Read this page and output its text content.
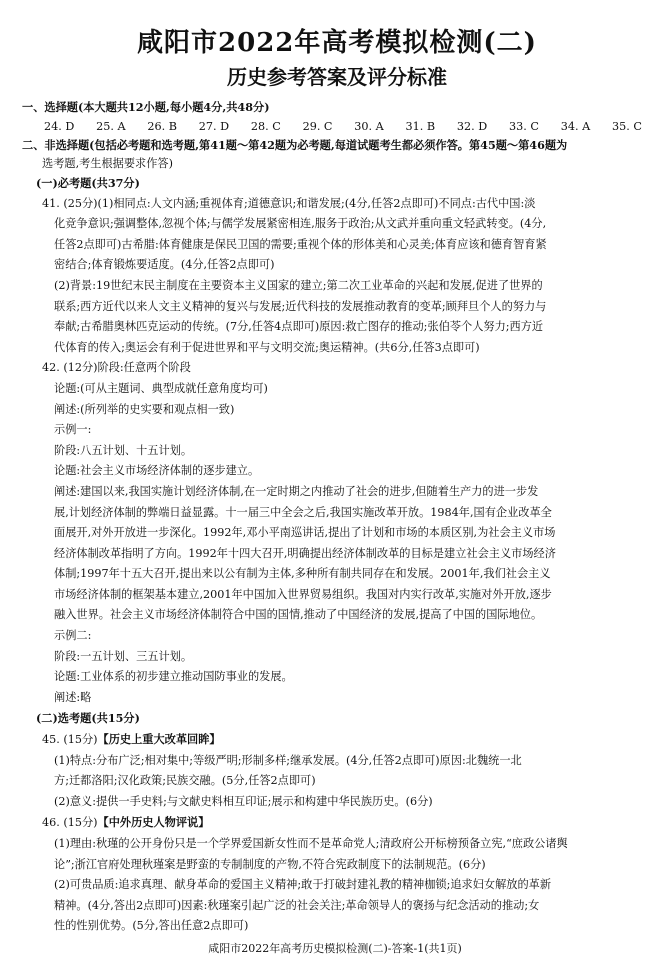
咸阳市2022年高考模拟检测(二)
历史参考答案及评分标准

一、选择题(本大题共12小题,每小题4分,共48分)

24. D 25. A 26. B 27. D 28. C 29. C 30. A 31. B 32. D 33. C 34. A 35. C

二、非选择题(包括必考题和选考题,第41题～第42题为必考题,每道试题考生都必须作答。第45题～第46题为

选考题,考生根据要求作答)

(一)必考题(共37分)

41. (25分)(1)相同点:人文内涵;重视体育;道德意识;和谐发展;(4分,任答2点即可)不同点:古代中国:淡

化竞争意识;强调整体,忽视个体;与儒学发展紧密相连,服务于政治;从文武并重向重文轻武转变。(4分,

任答2点即可)古希腊:体育健康是保民卫国的需要;重视个体的形体美和心灵美;体育应该和德育智育紧

密结合;体育锻炼要适度。(4分,任答2点即可)

(2)背景:19世纪末民主制度在主要资本主义国家的建立;第二次工业革命的兴起和发展,促进了世界的

联系;西方近代以来人文主义精神的复兴与发展;近代科技的发展推动教育的变革;顾拜旦个人的努力与

奉献;古希腊奥林匹克运动的传统。(7分,任答4点即可)原因:救亡图存的推动;张伯苓个人努力;西方近

代体育的传入;奥运会有利于促进世界和平与文明交流;奥运精神。(共6分,任答3点即可)

42. (12分)阶段:任意两个阶段

论题:(可从主题词、典型成就任意角度均可)

阐述:(所列举的史实要和观点相一致)

示例一:

阶段:八五计划、十五计划。

论题:社会主义市场经济体制的逐步建立。

阐述:建国以来,我国实施计划经济体制,在一定时期之内推动了社会的进步,但随着生产力的进一步发

展,计划经济体制的弊端日益显露。十一届三中全会之后,我国实施改革开放。1984年,国有企业改革全

面展开,对外开放进一步深化。1992年,邓小平南巡讲话,提出了计划和市场的本质区别,为社会主义市场

经济体制改革指明了方向。1992年十四大召开,明确提出经济体制改革的目标是建立社会主义市场经济

体制;1997年十五大召开,提出来以公有制为主体,多种所有制共同存在和发展。2001年,我们社会主义

市场经济体制的框架基本建立,2001年中国加入世界贸易组织。我国对内实行改革,实施对外开放,逐步

融入世界。社会主义市场经济体制符合中国的国情,推动了中国经济的发展,提高了中国的国际地位。

示例二:

阶段:一五计划、三五计划。

论题:工业体系的初步建立推动国防事业的发展。

阐述:略

(二)选考题(共15分)

45. (15分)【历史上重大改革回眸】

(1)特点:分布广泛;相对集中;等级严明;形制多样;继承发展。(4分,任答2点即可)原因:北魏统一北

方;迁都洛阳;汉化政策;民族交融。(5分,任答2点即可)

(2)意义:提供一手史料;与文献史料相互印证;展示和构建中华民族历史。(6分)

46. (15分)【中外历史人物评说】

(1)理由:秋瑾的公开身份只是一个学界爱国新女性而不是革命党人;清政府公开标榜预备立宪,“庶政公诸舆

论”;浙江官府处理秋瑾案是野蛮的专制制度的产物,不符合宪政制度下的法制规范。(6分)

(2)可贵品质:追求真理、献身革命的爱国主义精神;敢于打破封建礼教的精神枷锁;追求妇女解放的革新

精神。(4分,答出2点即可)因素:秋瑾案引起广泛的社会关注;革命领导人的褒扬与纪念活动的推动;女

性的性别优势。(5分,答出任意2点即可)

咸阳市2022年高考历史模拟检测(二)-答案-1(共1页)
